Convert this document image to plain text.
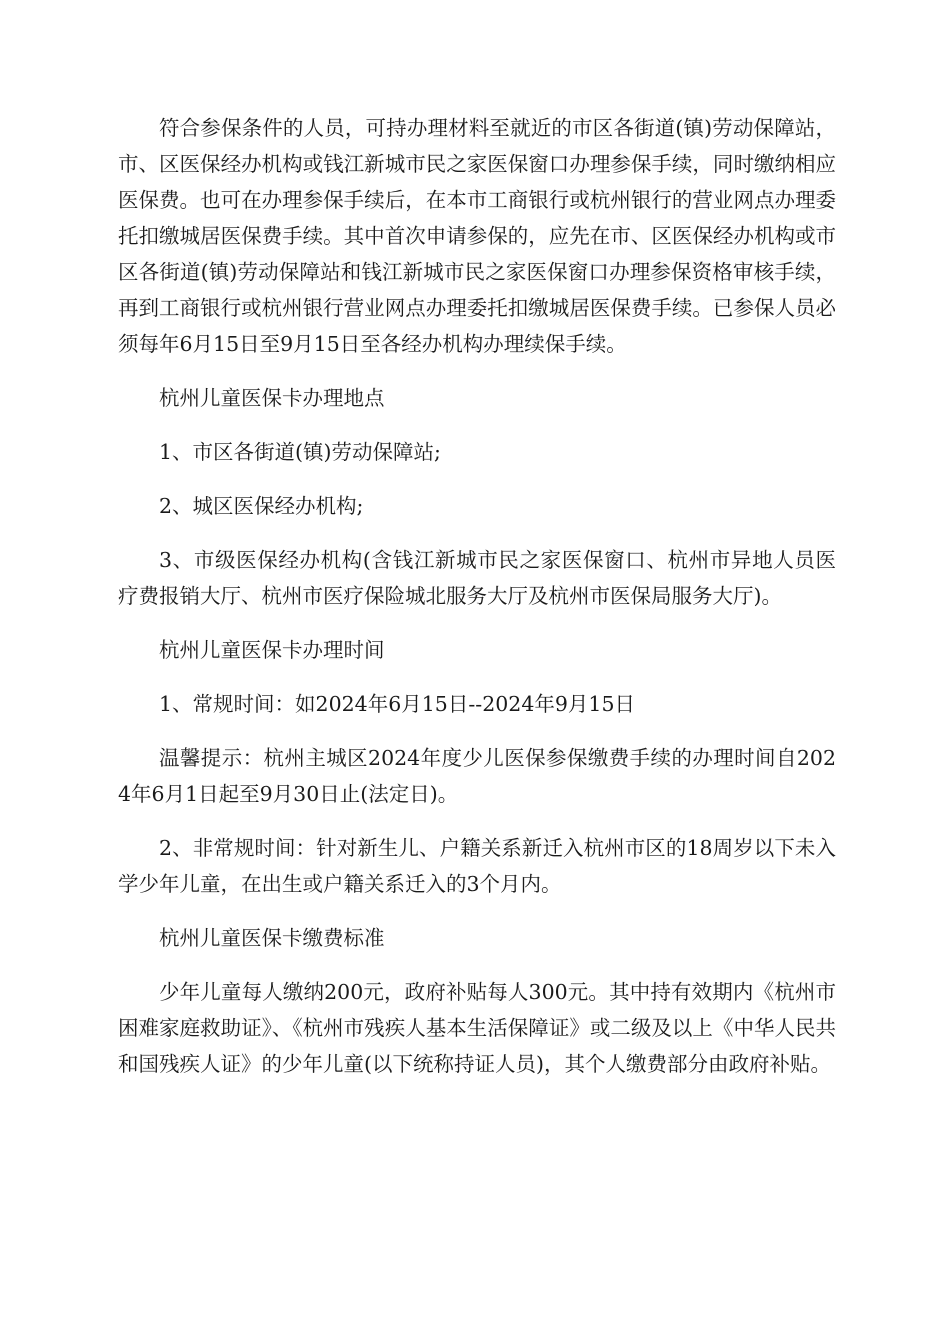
符合参保条件的人员，可持办理材料至就近的市区各街道(镇)劳动保障站，市、区医保经办机构或钱江新城市民之家医保窗口办理参保手续，同时缴纳相应医保费。也可在办理参保手续后，在本市工商银行或杭州银行的营业网点办理委托扣缴城居医保费手续。其中首次申请参保的，应先在市、区医保经办机构或市区各街道(镇)劳动保障站和钱江新城市民之家医保窗口办理参保资格审核手续，再到工商银行或杭州银行营业网点办理委托扣缴城居医保费手续。已参保人员必须每年6月15日至9月15日至各经办机构办理续保手续。

杭州儿童医保卡办理地点

1、市区各街道(镇)劳动保障站;

2、城区医保经办机构;

3、市级医保经办机构(含钱江新城市民之家医保窗口、杭州市异地人员医疗费报销大厅、杭州市医疗保险城北服务大厅及杭州市医保局服务大厅)。

杭州儿童医保卡办理时间

1、常规时间：如2024年6月15日--2024年9月15日

温馨提示：杭州主城区2024年度少儿医保参保缴费手续的办理时间自2024年6月1日起至9月30日止(法定日)。

2、非常规时间：针对新生儿、户籍关系新迁入杭州市区的18周岁以下未入学少年儿童，在出生或户籍关系迁入的3个月内。

杭州儿童医保卡缴费标准

少年儿童每人缴纳200元，政府补贴每人300元。其中持有效期内《杭州市困难家庭救助证》、《杭州市残疾人基本生活保障证》或二级及以上《中华人民共和国残疾人证》的少年儿童(以下统称持证人员)，其个人缴费部分由政府补贴。
